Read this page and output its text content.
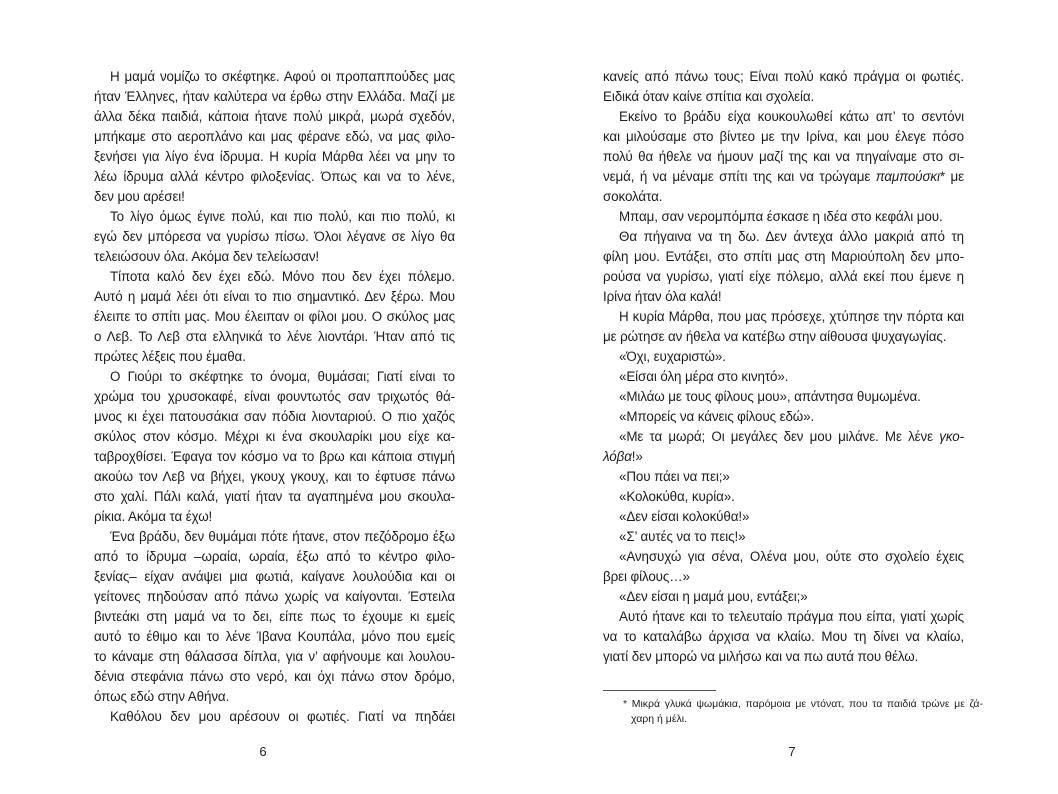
Η μαμά νομίζω το σκέφτηκε. Αφού οι προπαππούδες μας
ήταν Έλληνες, ήταν καλύτερα να έρθω στην Ελλάδα. Μαζί με
άλλα δέκα παιδιά, κάποια ήτανε πολύ μικρά, μωρά σχεδόν,
μπήκαμε στο αεροπλάνο και μας φέρανε εδώ, να μας φιλο-
ξενήσει για λίγο ένα ίδρυμα. Η κυρία Μάρθα λέει να μην το
λέω ίδρυμα αλλά κέντρο φιλοξενίας. Όπως και να το λένε,
δεν μου αρέσει!
Το λίγο όμως έγινε πολύ, και πιο πολύ, και πιο πολύ, κι
εγώ δεν μπόρεσα να γυρίσω πίσω. Όλοι λέγανε σε λίγο θα
τελειώσουν όλα. Ακόμα δεν τελείωσαν!
Τίποτα καλό δεν έχει εδώ. Μόνο που δεν έχει πόλεμο.
Αυτό η μαμά λέει ότι είναι το πιο σημαντικό. Δεν ξέρω. Μου
έλειπε το σπίτι μας. Μου έλειπαν οι φίλοι μου. Ο σκύλος μας
ο Λεβ. Το Λεβ στα ελληνικά το λένε λιοντάρι. Ήταν από τις
πρώτες λέξεις που έμαθα.
Ο Γιούρι το σκέφτηκε το όνομα, θυμάσαι; Γιατί είναι το
χρώμα του χρυσοκαφέ, είναι φουντωτός σαν τριχωτός θά-
μνος κι έχει πατουσάκια σαν πόδια λιονταριού. Ο πιο χαζός
σκύλος στον κόσμο. Μέχρι κι ένα σκουλαρίκι μου είχε κα-
ταβροχθίσει. Έφαγα τον κόσμο να το βρω και κάποια στιγμή
ακούω τον Λεβ να βήχει, γκουχ γκουχ, και το έφτυσε πάνω
στο χαλί. Πάλι καλά, γιατί ήταν τα αγαπημένα μου σκουλα-
ρίκια. Ακόμα τα έχω!
Ένα βράδυ, δεν θυμάμαι πότε ήτανε, στον πεζόδρομο έξω
από το ίδρυμα –ωραία, ωραία, έξω από το κέντρο φιλο-
ξενίας– είχαν ανάψει μια φωτιά, καίγανε λουλούδια και οι
γείτονες πηδούσαν από πάνω χωρίς να καίγονται. Έστειλα
βιντεάκι στη μαμά να το δει, είπε πως το έχουμε κι εμείς
αυτό το έθιμο και το λένε Ίβανα Κουπάλα, μόνο που εμείς
το κάναμε στη θάλασσα δίπλα, για ν’ αφήνουμε και λουλου-
δένια στεφάνια πάνω στο νερό, και όχι πάνω στον δρόμο,
όπως εδώ στην Αθήνα.
Καθόλου δεν μου αρέσουν οι φωτιές. Γιατί να πηδάει
6
κανείς από πάνω τους; Είναι πολύ κακό πράγμα οι φωτιές.
Ειδικά όταν καίνε σπίτια και σχολεία.
Εκείνο το βράδυ είχα κουκουλωθεί κάτω απ’ το σεντόνι
και μιλούσαμε στο βίντεο με την Ιρίνα, και μου έλεγε πόσο
πολύ θα ήθελε να ήμουν μαζί της και να πηγαίναμε στο σι-
νεμά, ή να μέναμε σπίτι της και να τρώγαμε παμπούσκι* με
σοκολάτα.
Μπαμ, σαν νερομπόμπα έσκασε η ιδέα στο κεφάλι μου.
Θα πήγαινα να τη δω. Δεν άντεχα άλλο μακριά από τη
φίλη μου. Εντάξει, στο σπίτι μας στη Μαριούπολη δεν μπο-
ρούσα να γυρίσω, γιατί είχε πόλεμο, αλλά εκεί που έμενε η
Ιρίνα ήταν όλα καλά!
Η κυρία Μάρθα, που μας πρόσεχε, χτύπησε την πόρτα και
με ρώτησε αν ήθελα να κατέβω στην αίθουσα ψυχαγωγίας.
«Όχι, ευχαριστώ».
«Είσαι όλη μέρα στο κινητό».
«Μιλάω με τους φίλους μου», απάντησα θυμωμένα.
«Μπορείς να κάνεις φίλους εδώ».
«Με τα μωρά; Οι μεγάλες δεν μου μιλάνε. Με λένε γκο-
λόβα!»
«Που πάει να πει;»
«Κολοκύθα, κυρία».
«Δεν είσαι κολοκύθα!»
«Σ’ αυτές να το πεις!»
«Ανησυχώ για σένα, Ολένα μου, ούτε στο σχολείο έχεις
βρει φίλους…»
«Δεν είσαι η μαμά μου, εντάξει;»
Αυτό ήτανε και το τελευταίο πράγμα που είπα, γιατί χωρίς
να το καταλάβω άρχισα να κλαίω. Μου τη δίνει να κλαίω,
γιατί δεν μπορώ να μιλήσω και να πω αυτά που θέλω.
* Μικρά γλυκά ψωμάκια, παρόμοια με ντόνατ, που τα παιδιά τρώνε με ζά-
χαρη ή μέλι.
7
